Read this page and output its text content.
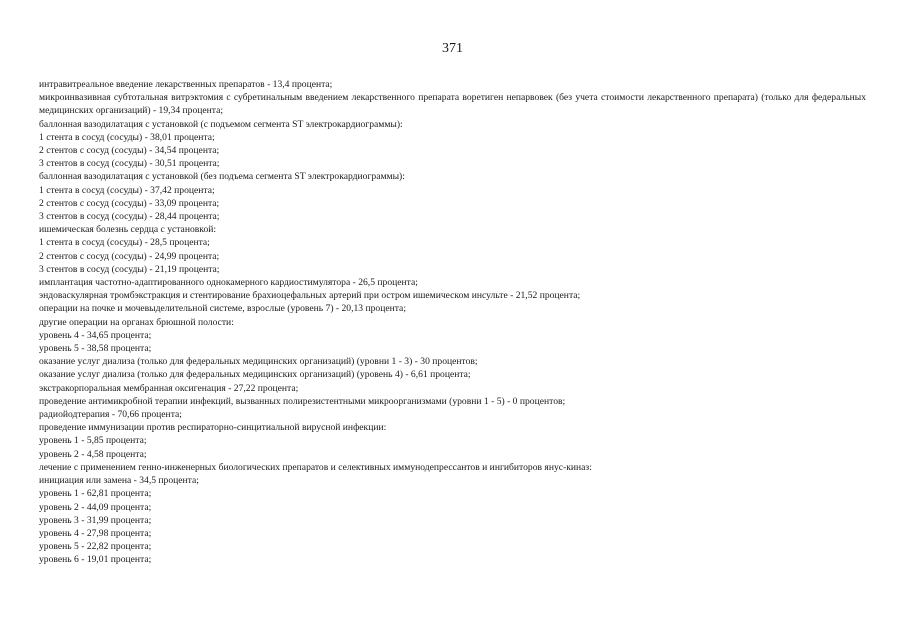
371
интравитреальное введение лекарственных препаратов - 13,4 процента;
микроинвазивная субтотальная витрэктомия с субретинальным введением лекарственного препарата воретиген непарвовек (без учета стоимости лекарственного препарата) (только для федеральных медицинских организаций) - 19,34 процента;
баллонная вазодилатация с установкой (с подъемом сегмента ST электрокардиограммы):
1 стента в сосуд (сосуды) - 38,01 процента;
2 стентов с сосуд (сосуды) - 34,54 процента;
3 стентов в сосуд (сосуды) - 30,51 процента;
баллонная вазодилатация с установкой (без подъема сегмента ST электрокардиограммы):
1 стента в сосуд (сосуды) - 37,42 процента;
2 стентов с сосуд (сосуды) - 33,09 процента;
3 стентов в сосуд (сосуды) - 28,44 процента;
ишемическая болезнь сердца с установкой:
1 стента в сосуд (сосуды) - 28,5 процента;
2 стентов с сосуд (сосуды) - 24,99 процента;
3 стентов в сосуд (сосуды) - 21,19 процента;
имплантация частотно-адаптированного однокамерного кардиостимулятора - 26,5 процента;
эндоваскулярная тромбэкстракция и стентирование брахиоцефальных артерий при остром ишемическом инсульте - 21,52 процента;
операции на почке и мочевыделительной системе, взрослые (уровень 7) - 20,13 процента;
другие операции на органах брюшной полости:
уровень 4 - 34,65 процента;
уровень 5 - 38,58 процента;
оказание услуг диализа (только для федеральных медицинских организаций) (уровни 1 - 3) - 30 процентов;
оказание услуг диализа (только для федеральных медицинских организаций) (уровень 4) - 6,61 процента;
экстракорпоральная мембранная оксигенация - 27,22 процента;
проведение антимикробной терапии инфекций, вызванных полирезистентными микроорганизмами (уровни 1 - 5) - 0 процентов;
радиойодтерапия - 70,66 процента;
проведение иммунизации против респираторно-синцитиальной вирусной инфекции:
уровень 1 - 5,85 процента;
уровень 2 - 4,58 процента;
лечение с применением генно-инженерных биологических препаратов и селективных иммунодепрессантов и ингибиторов янус-киназ:
инициация или замена - 34,5 процента;
уровень 1 - 62,81 процента;
уровень 2 - 44,09 процента;
уровень 3 - 31,99 процента;
уровень 4 - 27,98 процента;
уровень 5 - 22,82 процента;
уровень 6 - 19,01 процента;
